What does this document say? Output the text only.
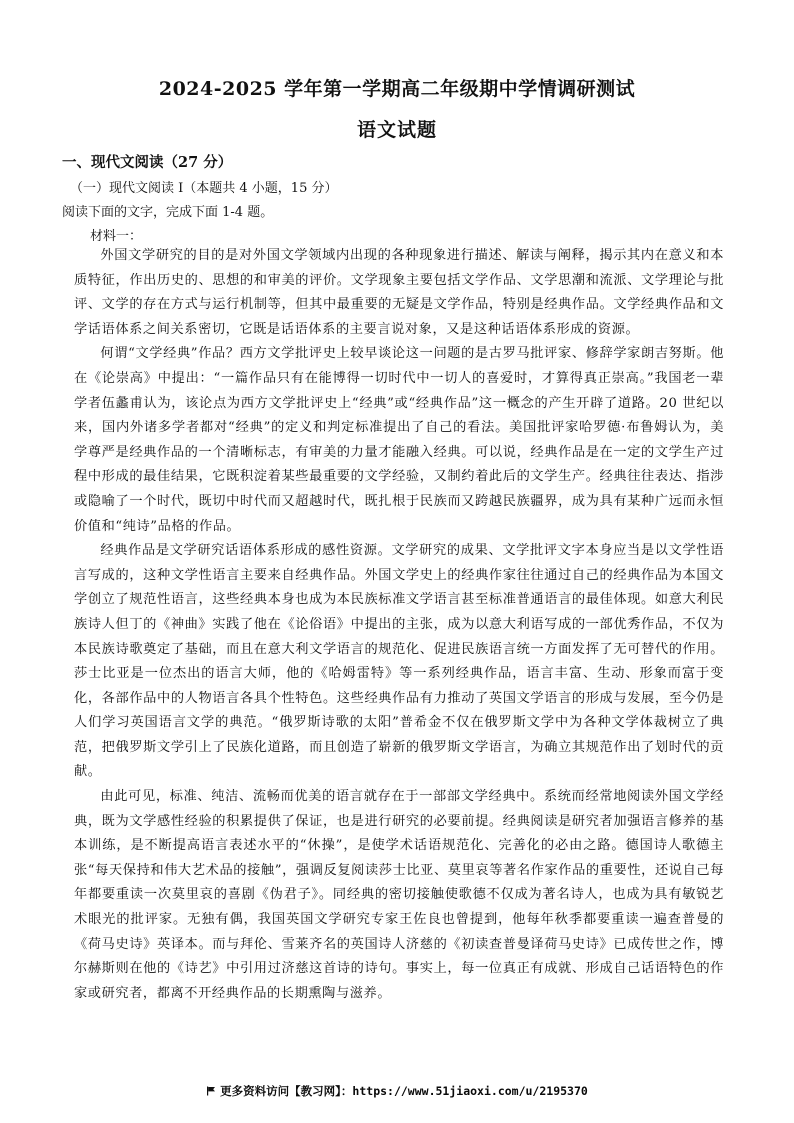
2024-2025 学年第一学期高二年级期中学情调研测试
语文试题
一、现代文阅读（27 分）
（一）现代文阅读 I（本题共 4 小题，15 分）
阅读下面的文字，完成下面 1-4 题。
材料一：

外国文学研究的目的是对外国文学领域内出现的各种现象进行描述、解读与阐释，揭示其内在意义和本质特征，作出历史的、思想的和审美的评价。文学现象主要包括文学作品、文学思潮和流派、文学理论与批评、文学的存在方式与运行机制等，但其中最重要的无疑是文学作品，特别是经典作品。文学经典作品和文学话语体系之间关系密切，它既是话语体系的主要言说对象，又是这种话语体系形成的资源。

何谓“文学经典”作品？西方文学批评史上较早谈论这一问题的是古罗马批评家、修辞学家朗吉努斯。他在《论崇高》中提出：“一篇作品只有在能博得一切时代中一切人的喜爱时，才算得真正崇高。”我国老一辈学者伍蠡甫认为，该论点为西方文学批评史上“经典”或“经典作品”这一概念的产生开辟了道路。20 世纪以来，国内外诸多学者都对“经典”的定义和判定标准提出了自己的看法。美国批评家哈罗德·布鲁姆认为，美学尊严是经典作品的一个清晰标志，有审美的力量才能融入经典。可以说，经典作品是在一定的文学生产过程中形成的最佳结果，它既积淀着某些最重要的文学经验，又制约着此后的文学生产。经典往往表达、指涉或隐喻了一个时代，既切中时代而又超越时代，既扎根于民族而又跨越民族疆界，成为具有某种广远而永恒价值和“纯诗”品格的作品。

经典作品是文学研究话语体系形成的感性资源。文学研究的成果、文学批评文字本身应当是以文学性语言写成的，这种文学性语言主要来自经典作品。外国文学史上的经典作家往往通过自己的经典作品为本国文学创立了规范性语言，这些经典本身也成为本民族标准文学语言甚至标准普通语言的最佳体现。如意大利民族诗人但丁的《神曲》实践了他在《论俗语》中提出的主张，成为以意大利语写成的一部优秀作品，不仅为本民族诗歌奠定了基础，而且在意大利文学语言的规范化、促进民族语言统一方面发挥了无可替代的作用。莎士比亚是一位杰出的语言大师，他的《哈姆雷特》等一系列经典作品，语言丰富、生动、形象而富于变化，各部作品中的人物语言各具个性特色。这些经典作品有力推动了英国文学语言的形成与发展，至今仍是人们学习英国语言文学的典范。“俄罗斯诗歌的太阳”普希金不仅在俄罗斯文学中为各种文学体裁树立了典范，把俄罗斯文学引上了民族化道路，而且创造了崭新的俄罗斯文学语言，为确立其规范作出了划时代的贡献。

由此可见，标准、纯洁、流畅而优美的语言就存在于一部部文学经典中。系统而经常地阅读外国文学经典，既为文学感性经验的积累提供了保证，也是进行研究的必要前提。经典阅读是研究者加强语言修养的基本训练，是不断提高语言表述水平的“休操”，是使学术话语规范化、完善化的必由之路。德国诗人歌德主张“每天保持和伟大艺术品的接触”，强调反复阅读莎士比亚、莫里哀等著名作家作品的重要性，还说自己每年都要重读一次莫里哀的喜剧《伪君子》。同经典的密切接触使歌德不仅成为著名诗人，也成为具有敏锐艺术眼光的批评家。无独有偶，我国英国文学研究专家王佐良也曾提到，他每年秋季都要重读一遍查普曼的《荷马史诗》英译本。而与拜伦、雪莱齐名的英国诗人济慈的《初读查普曼译荷马史诗》已成传世之作，博尔赫斯则在他的《诗艺》中引用过济慈这首诗的诗句。事实上，每一位真正有成就、形成自己话语特色的作家或研究者，都离不开经典作品的长期熏陶与滋养。

更多资料访问【教习网】：https://www.51jiaoxi.com/u/2195370
